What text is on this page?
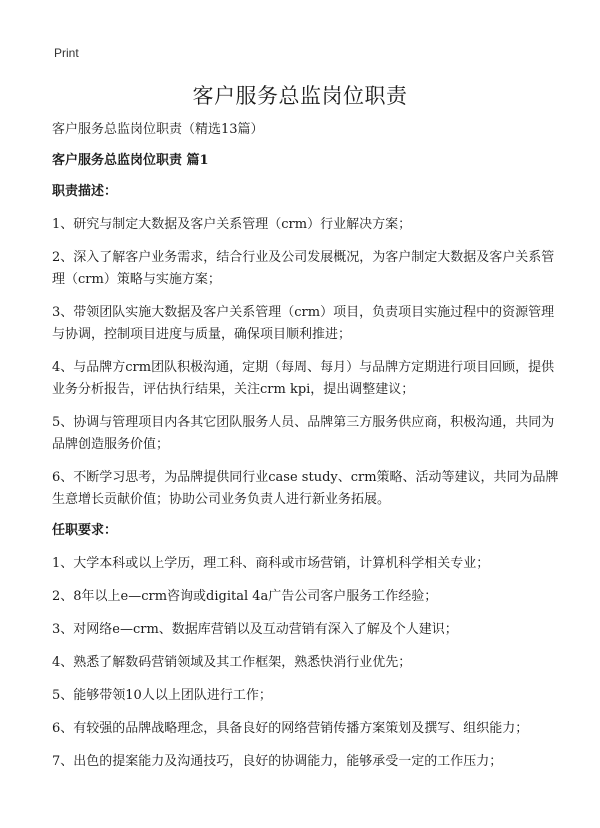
Print
客户服务总监岗位职责

客户服务总监岗位职责（精选13篇）

客户服务总监岗位职责 篇1

职责描述：

1、研究与制定大数据及客户关系管理（crm）行业解决方案；

2、深入了解客户业务需求，结合行业及公司发展概况，为客户制定大数据及客户关系管理（crm）策略与实施方案；

3、带领团队实施大数据及客户关系管理（crm）项目，负责项目实施过程中的资源管理与协调，控制项目进度与质量，确保项目顺利推进；

4、与品牌方crm团队积极沟通，定期（每周、每月）与品牌方定期进行项目回顾，提供业务分析报告，评估执行结果，关注crm kpi，提出调整建议；

5、协调与管理项目内各其它团队服务人员、品牌第三方服务供应商，积极沟通，共同为品牌创造服务价值；

6、不断学习思考，为品牌提供同行业case study、crm策略、活动等建议，共同为品牌生意增长贡献价值；协助公司业务负责人进行新业务拓展。

任职要求：

1、大学本科或以上学历，理工科、商科或市场营销，计算机科学相关专业；

2、8年以上e—crm咨询或digital 4a广告公司客户服务工作经验；

3、对网络e—crm、数据库营销以及互动营销有深入了解及个人建识；

4、熟悉了解数码营销领域及其工作框架，熟悉快消行业优先；

5、能够带领10人以上团队进行工作；

6、有较强的品牌战略理念，具备良好的网络营销传播方案策划及撰写、组织能力；

7、出色的提案能力及沟通技巧，良好的协调能力，能够承受一定的工作压力；
